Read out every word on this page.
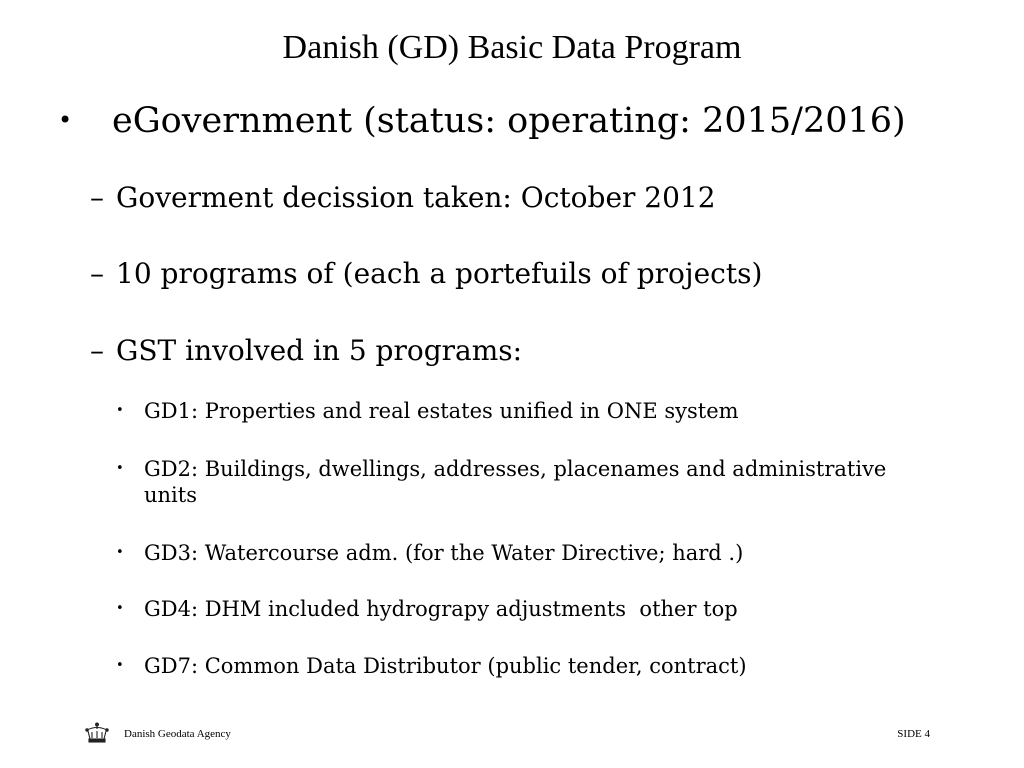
Danish (GD) Basic Data Program
• eGovernment (status: operating: 2015/2016)
– Goverment decission taken: October 2012
– 10 programs of (each a portefuils of projects)
– GST involved in 5 programs:
• GD1: Properties and real estates unified in ONE system
• GD2: Buildings, dwellings, addresses, placenames and administrative units
• GD3: Watercourse adm. (for the Water Directive; hard .)
• GD4: DHM included hydrograpy adjustments  other top
• GD7: Common Data Distributor (public tender, contract)
Danish Geodata Agency	SIDE 4
